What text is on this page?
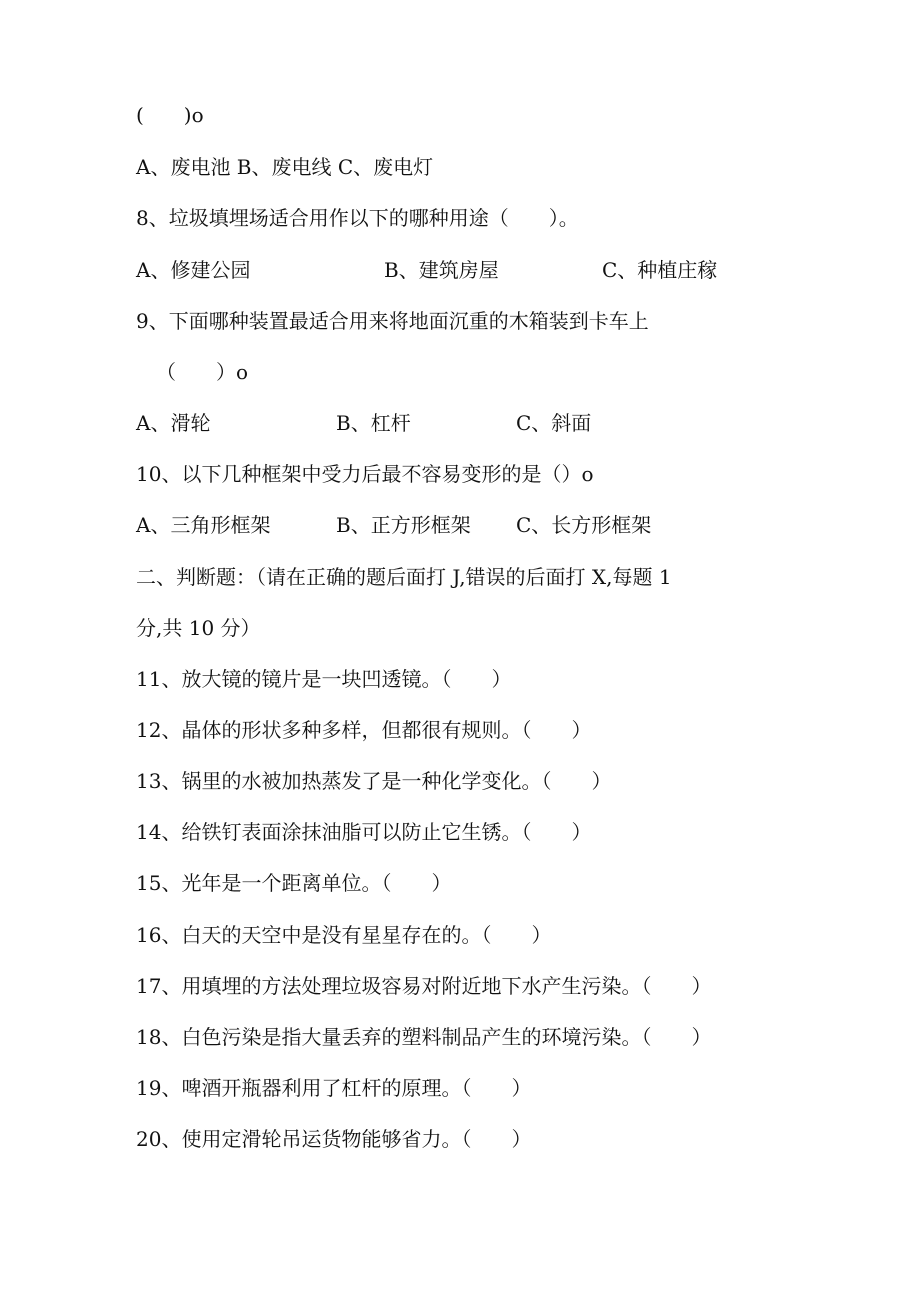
(　　)o
A、废电池 B、废电线 C、废电灯
8、垃圾填埋场适合用作以下的哪种用途（　　）。
A、修建公园	B、建筑房屋	C、种植庄稼
9、下面哪种装置最适合用来将地面沉重的木箱装到卡车上
（　　）o
A、滑轮	B、杠杆	C、斜面
10、以下几种框架中受力后最不容易变形的是（）o
A、三角形框架	B、正方形框架 C、长方形框架
二、判断题：（请在正确的题后面打 J,错误的后面打 X,每题 1
分,共 10 分）
11、放大镜的镜片是一块凹透镜。（　　）
12、晶体的形状多种多样，但都很有规则。（　　）
13、锅里的水被加热蒸发了是一种化学变化。（　　）
14、给铁钉表面涂抹油脂可以防止它生锈。（　　）
15、光年是一个距离单位。（　　）
16、白天的天空中是没有星星存在的。（　　）
17、用填埋的方法处理垃圾容易对附近地下水产生污染。（　　）
18、白色污染是指大量丢弃的塑料制品产生的环境污染。（　　）
19、啤酒开瓶器利用了杠杆的原理。（　　）
20、使用定滑轮吊运货物能够省力。（　　）
